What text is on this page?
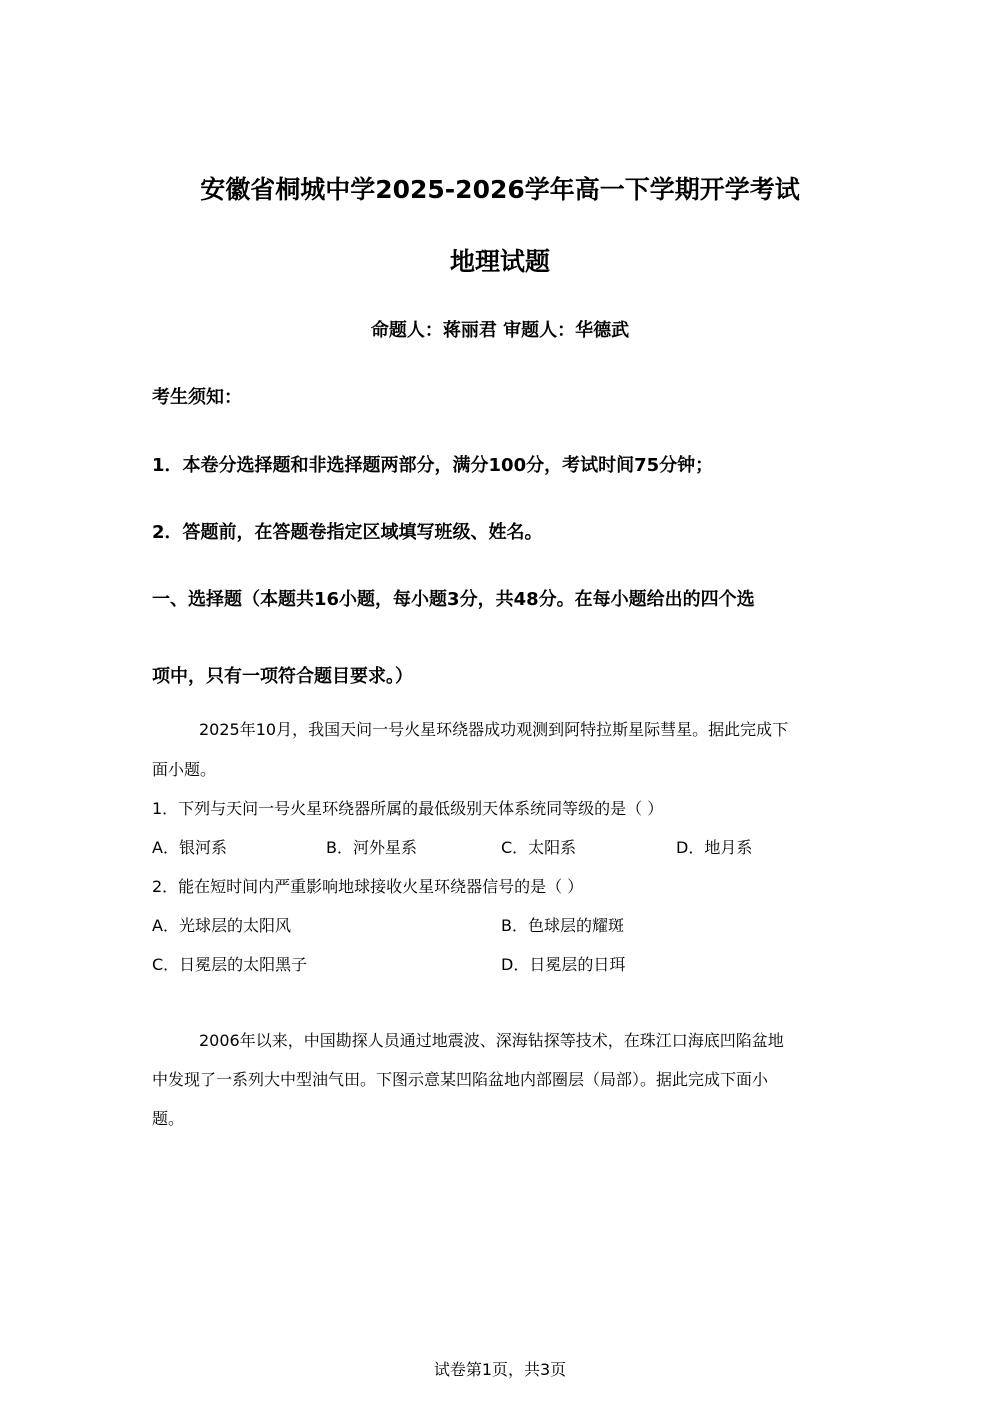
安徽省桐城中学2025-2026学年高一下学期开学考试
地理试题
命题人：蒋丽君 审题人：华德武
考生须知：
1．本卷分选择题和非选择题两部分，满分100分，考试时间75分钟；
2．答题前，在答题卷指定区域填写班级、姓名。
一、选择题（本题共16小题，每小题3分，共48分。在每小题给出的四个选
项中，只有一项符合题目要求。）
2025年10月，我国天问一号火星环绕器成功观测到阿特拉斯星际彗星。据此完成下
面小题。
1．下列与天问一号火星环绕器所属的最低级别天体系统同等级的是（ ）
A．银河系	B．河外星系	C．太阳系	D．地月系
2．能在短时间内严重影响地球接收火星环绕器信号的是（ ）
A．光球层的太阳风	B．色球层的耀斑
C．日冕层的太阳黑子	D．日冕层的日珥
2006年以来，中国勘探人员通过地震波、深海钻探等技术，在珠江口海底凹陷盆地
中发现了一系列大中型油气田。下图示意某凹陷盆地内部圈层（局部）。据此完成下面小
题。
试卷第1页，共3页
